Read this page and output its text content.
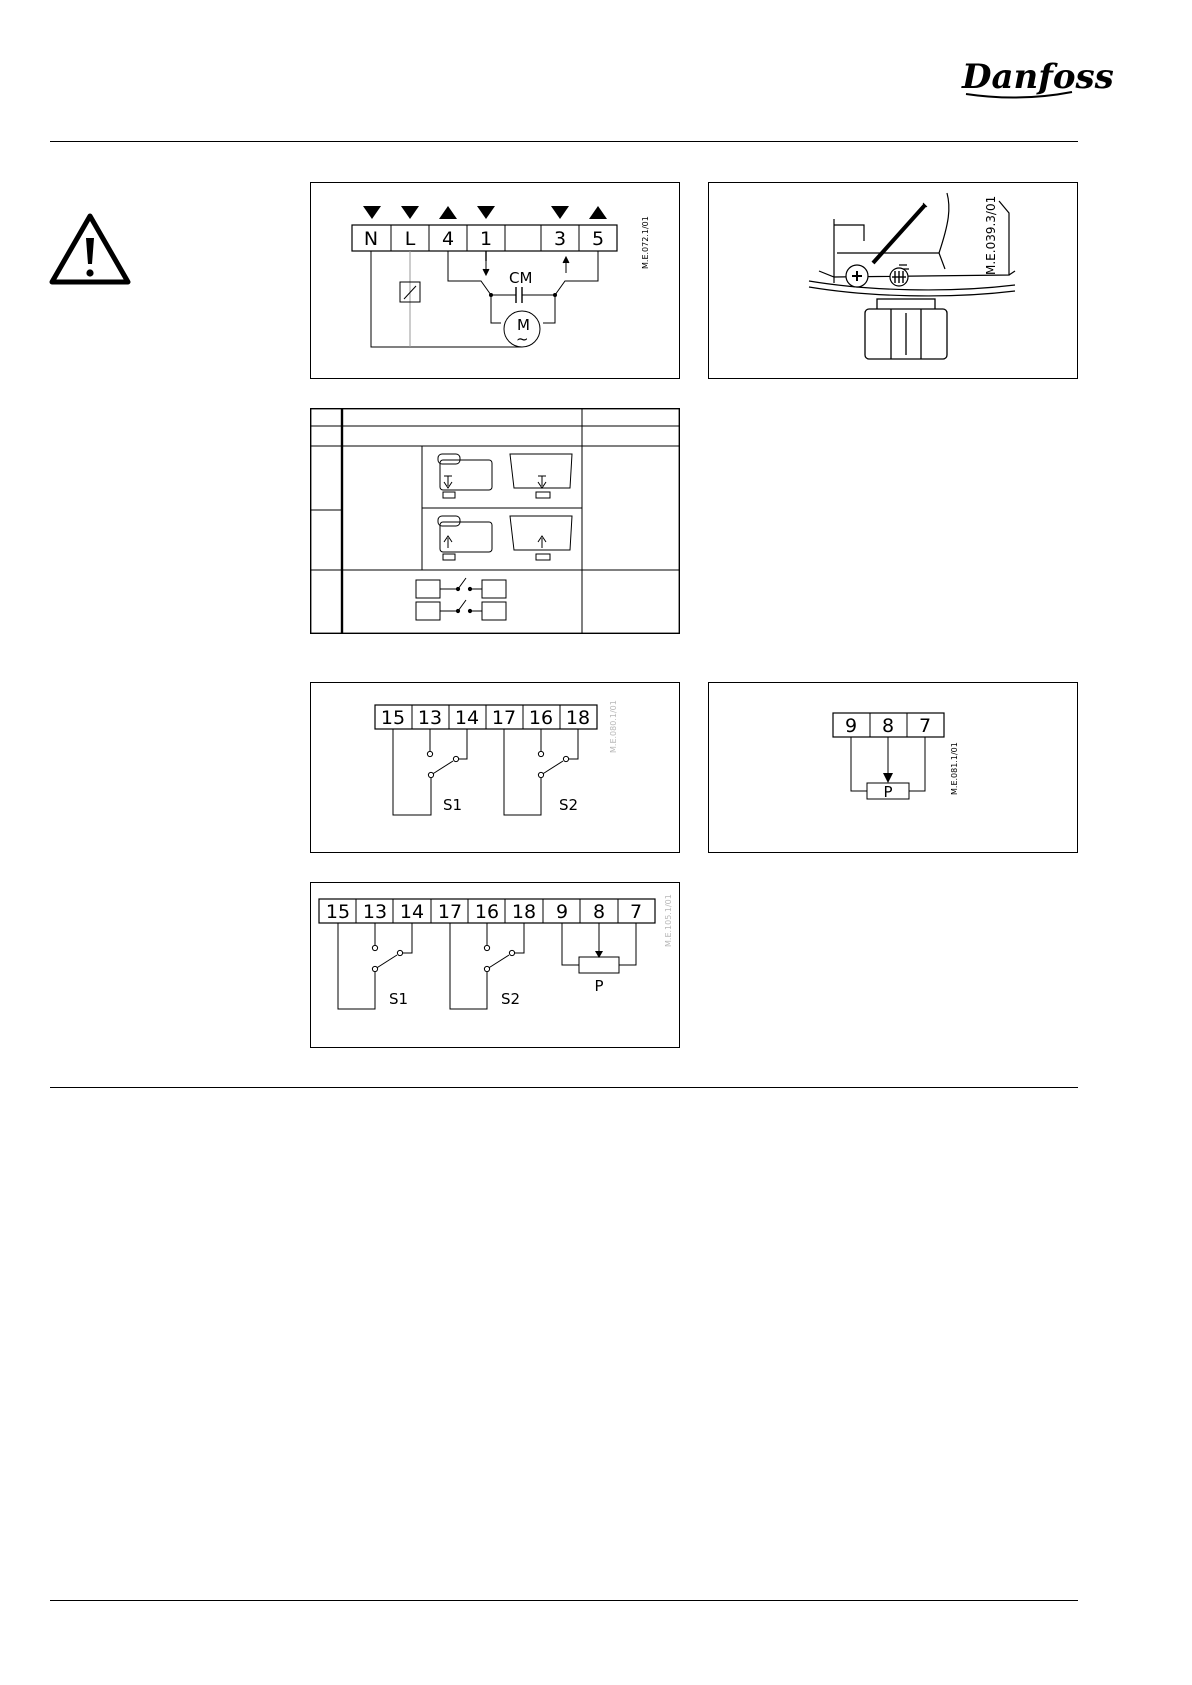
Danfoss
N L 4 1	3 5
CM
M
~
M.E.072.1/01	M.E.039.3/01
15 13 14 17 16 18
S1	S2
M.E.080.1/01	9 8 7
P	M.E.081.1/01
15 13 14 17 16 18 9 8 7
S1	S2
P
M.E.105.1/01
